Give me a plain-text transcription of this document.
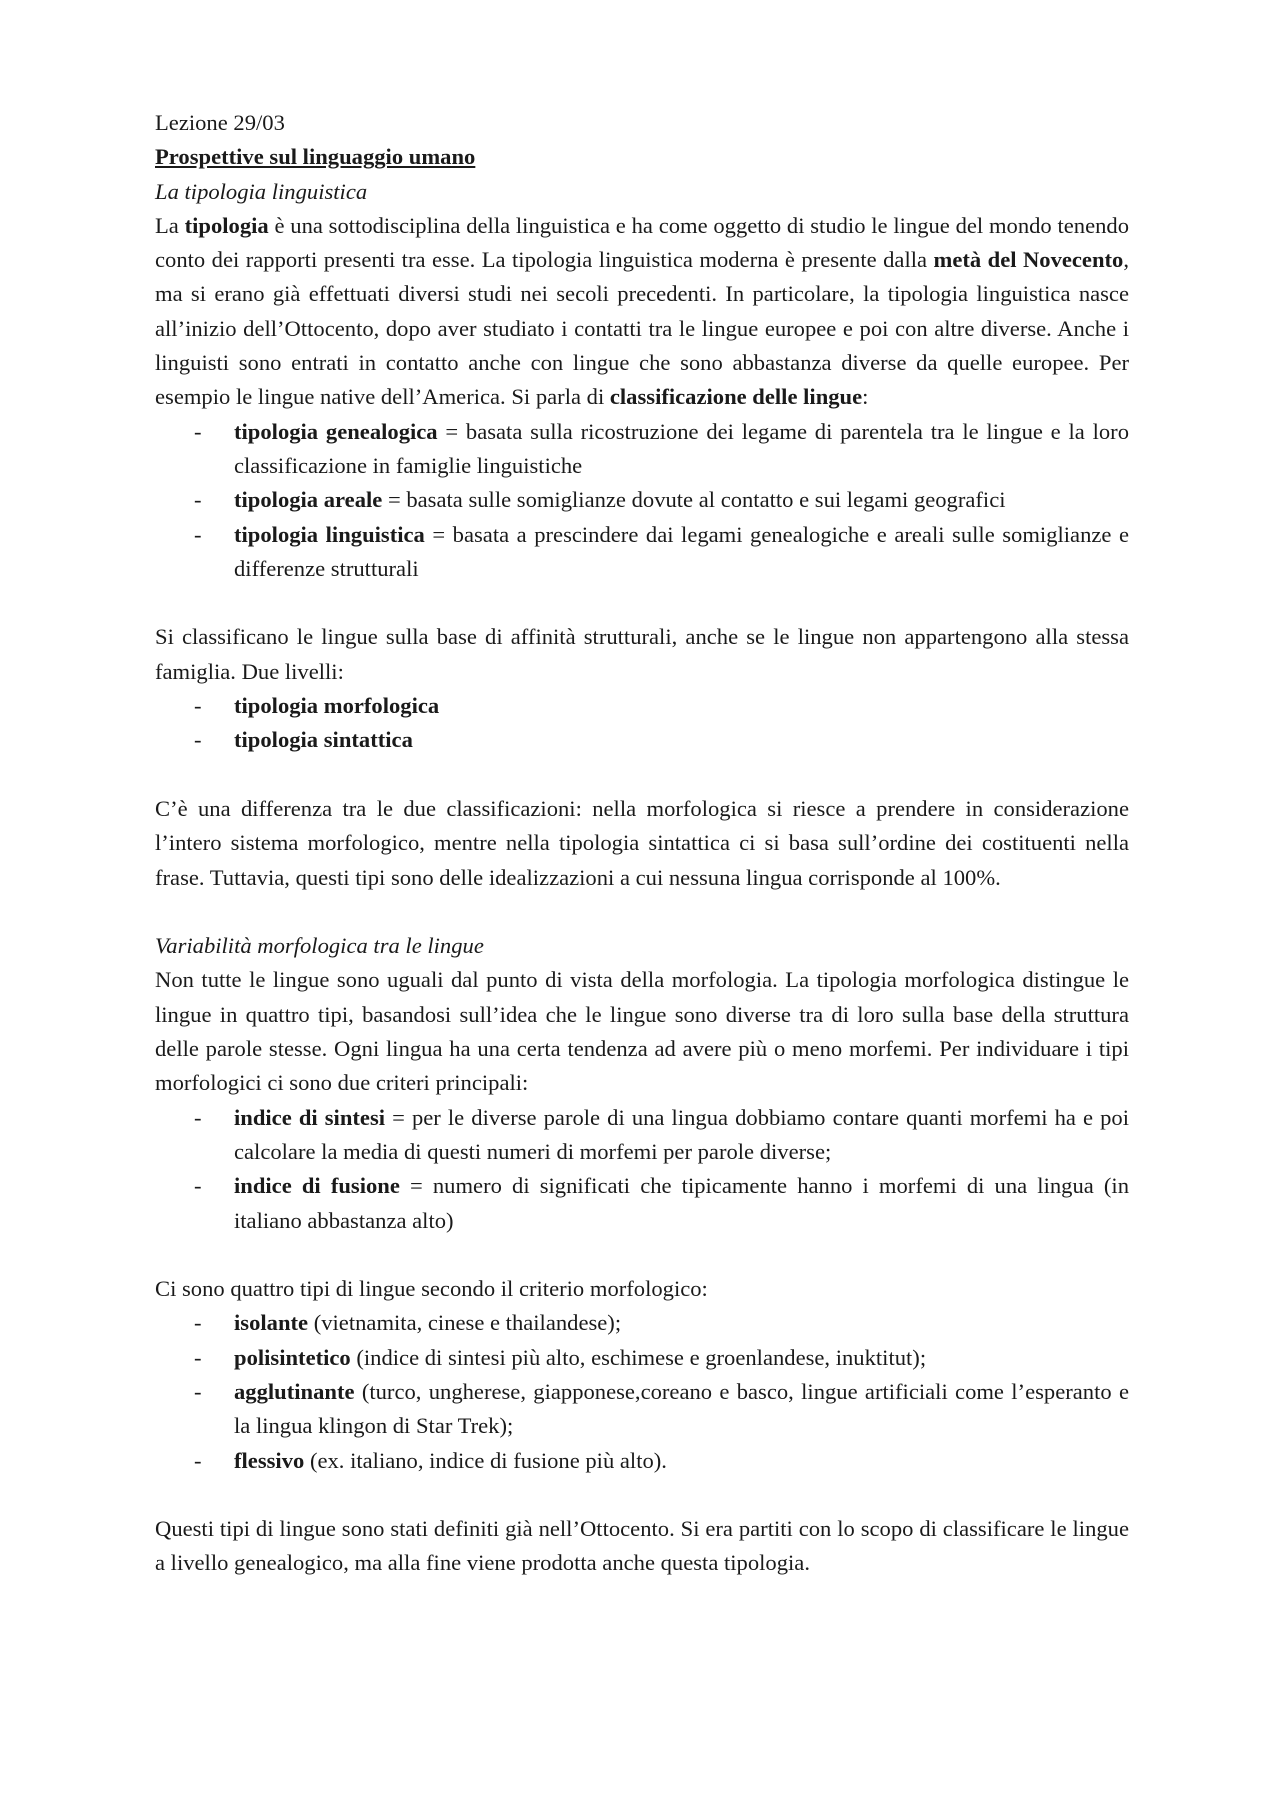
Lezione 29/03
Prospettive sul linguaggio umano
La tipologia linguistica

La tipologia è una sottodisciplina della linguistica e ha come oggetto di studio le lingue del mondo tenendo conto dei rapporti presenti tra esse. La tipologia linguistica moderna è presente dalla metà del Novecento, ma si erano già effettuati diversi studi nei secoli precedenti. In particolare, la tipologia linguistica nasce all’inizio dell’Ottocento, dopo aver studiato i contatti tra le lingue europee e poi con altre diverse. Anche i linguisti sono entrati in contatto anche con lingue che sono abbastanza diverse da quelle europee. Per esempio le lingue native dell’America. Si parla di classificazione delle lingue:

- tipologia genealogica = basata sulla ricostruzione dei legame di parentela tra le lingue e la loro classificazione in famiglie linguistiche
- tipologia areale = basata sulle somiglianze dovute al contatto e sui legami geografici
- tipologia linguistica = basata a prescindere dai legami genealogiche e areali sulle somiglianze e differenze strutturali

Si classificano le lingue sulla base di affinità strutturali, anche se le lingue non appartengono alla stessa famiglia. Due livelli:

- tipologia morfologica
- tipologia sintattica

C’è una differenza tra le due classificazioni: nella morfologica si riesce a prendere in considerazione l’intero sistema morfologico, mentre nella tipologia sintattica ci si basa sull’ordine dei costituenti nella frase. Tuttavia, questi tipi sono delle idealizzazioni a cui nessuna lingua corrisponde al 100%.

Variabilità morfologica tra le lingue

Non tutte le lingue sono uguali dal punto di vista della morfologia. La tipologia morfologica distingue le lingue in quattro tipi, basandosi sull’idea che le lingue sono diverse tra di loro sulla base della struttura delle parole stesse. Ogni lingua ha una certa tendenza ad avere più o meno morfemi. Per individuare i tipi morfologici ci sono due criteri principali:

- indice di sintesi = per le diverse parole di una lingua dobbiamo contare quanti morfemi ha e poi calcolare la media di questi numeri di morfemi per parole diverse;
- indice di fusione = numero di significati che tipicamente hanno i morfemi di una lingua (in italiano abbastanza alto)

Ci sono quattro tipi di lingue secondo il criterio morfologico:

- isolante (vietnamita, cinese e thailandese);
- polisintetico (indice di sintesi più alto, eschimese e groenlandese, inuktitut);
- agglutinante (turco, ungherese, giapponese,coreano e basco, lingue artificiali come l’esperanto e la lingua klingon di Star Trek);
- flessivo (ex. italiano, indice di fusione più alto).

Questi tipi di lingue sono stati definiti già nell’Ottocento. Si era partiti con lo scopo di classificare le lingue a livello genealogico, ma alla fine viene prodotta anche questa tipologia.
